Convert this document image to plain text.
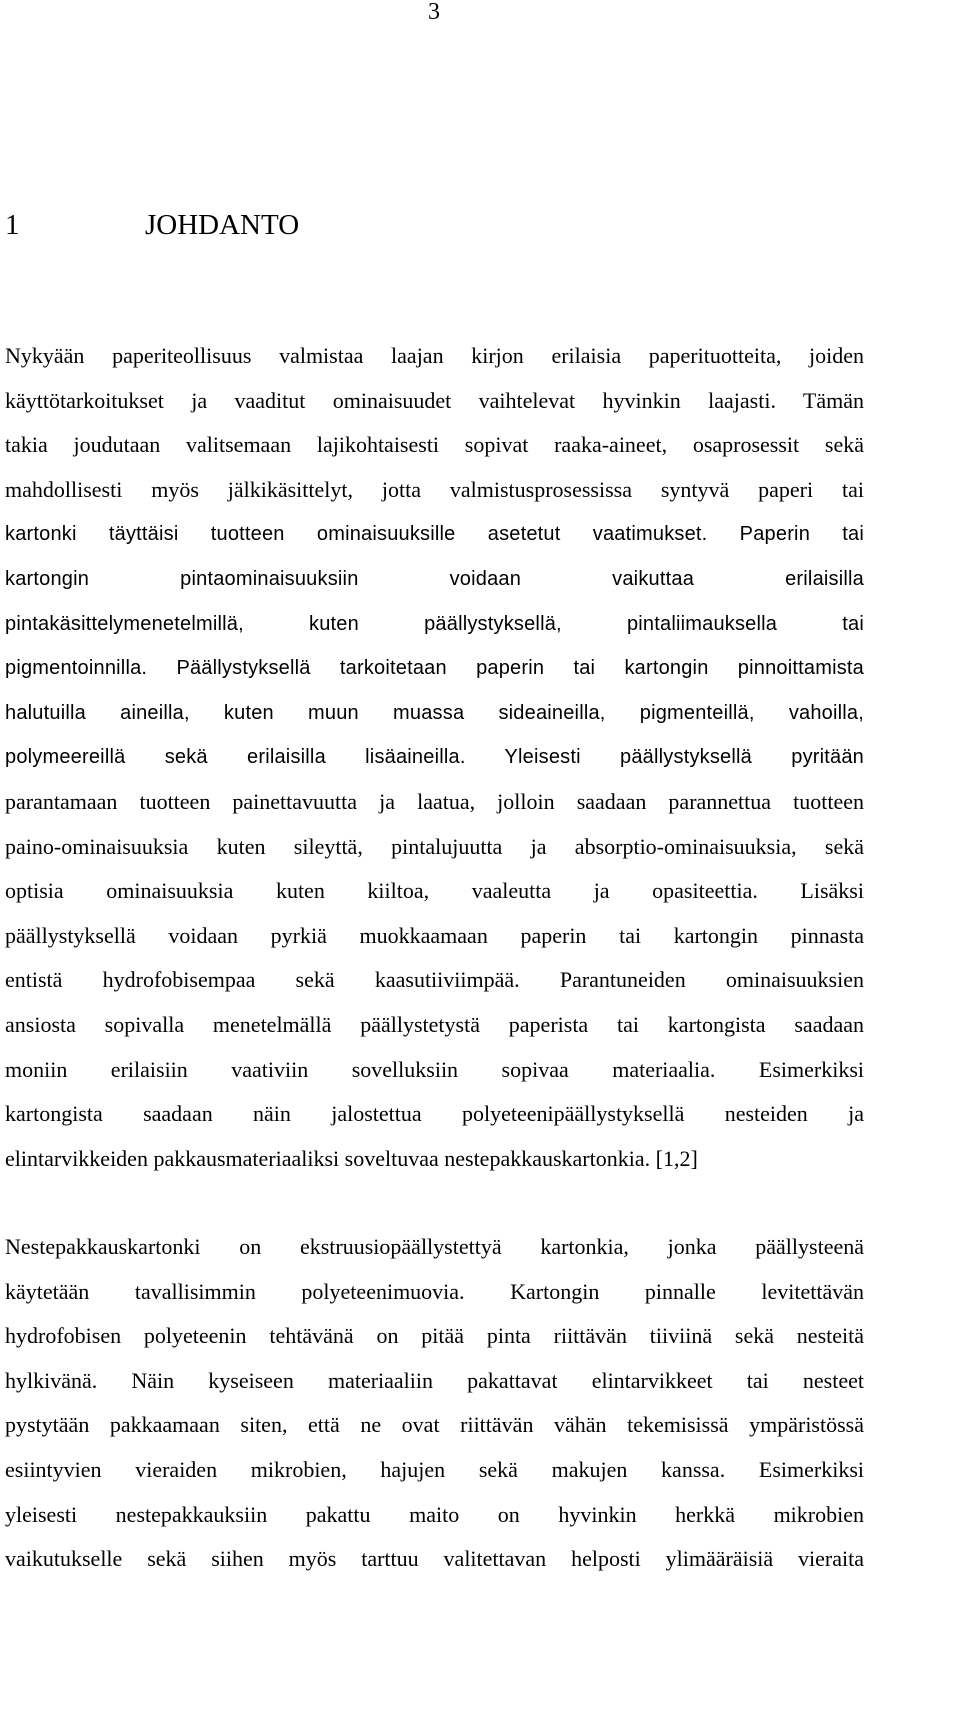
3
1	JOHDANTO
Nykyään paperiteollisuus valmistaa laajan kirjon erilaisia paperituotteita, joiden
käyttötarkoitukset ja vaaditut ominaisuudet vaihtelevat hyvinkin laajasti. Tämän
takia joudutaan valitsemaan lajikohtaisesti sopivat raaka-aineet, osaprosessit sekä
mahdollisesti myös jälkikäsittelyt, jotta valmistusprosessissa syntyvä paperi tai
kartonki täyttäisi tuotteen ominaisuuksille asetetut vaatimukset. Paperin tai
kartongin pintaominaisuuksiin voidaan vaikuttaa erilaisilla
pintakäsittelymenetelmillä, kuten päällystyksellä, pintaliimauksella tai
pigmentoinnilla. Päällystyksellä tarkoitetaan paperin tai kartongin pinnoittamista
halutuilla aineilla, kuten muun muassa sideaineilla, pigmenteillä, vahoilla,
polymeereillä sekä erilaisilla lisäaineilla. Yleisesti päällystyksellä pyritään
parantamaan tuotteen painettavuutta ja laatua, jolloin saadaan parannettua tuotteen
paino-ominaisuuksia kuten sileyttä, pintalujuutta ja absorptio-ominaisuuksia, sekä
optisia ominaisuuksia kuten kiiltoa, vaaleutta ja opasiteettia. Lisäksi
päällystyksellä voidaan pyrkiä muokkaamaan paperin tai kartongin pinnasta
entistä hydrofobisempaa sekä kaasutiiviimpää. Parantuneiden ominaisuuksien
ansiosta sopivalla menetelmällä päällystetystä paperista tai kartongista saadaan
moniin erilaisiin vaativiin sovelluksiin sopivaa materiaalia. Esimerkiksi
kartongista saadaan näin jalostettua polyeteenipäällystyksellä nesteiden ja
elintarvikkeiden pakkausmateriaaliksi soveltuvaa nestepakkauskartonkia. [1,2]
Nestepakkauskartonki on ekstruusiopäällystettyä kartonkia, jonka päällysteenä
käytetään tavallisimmin polyeteenimuovia. Kartongin pinnalle levitettävän
hydrofobisen polyeteenin tehtävänä on pitää pinta riittävän tiiviinä sekä nesteitä
hylkivänä. Näin kyseiseen materiaaliin pakattavat elintarvikkeet tai nesteet
pystytään pakkaamaan siten, että ne ovat riittävän vähän tekemisissä ympäristössä
esiintyvien vieraiden mikrobien, hajujen sekä makujen kanssa. Esimerkiksi
yleisesti nestepakkauksiin pakattu maito on hyvinkin herkkä mikrobien
vaikutukselle sekä siihen myös tarttuu valitettavan helposti ylimääräisiä vieraita
